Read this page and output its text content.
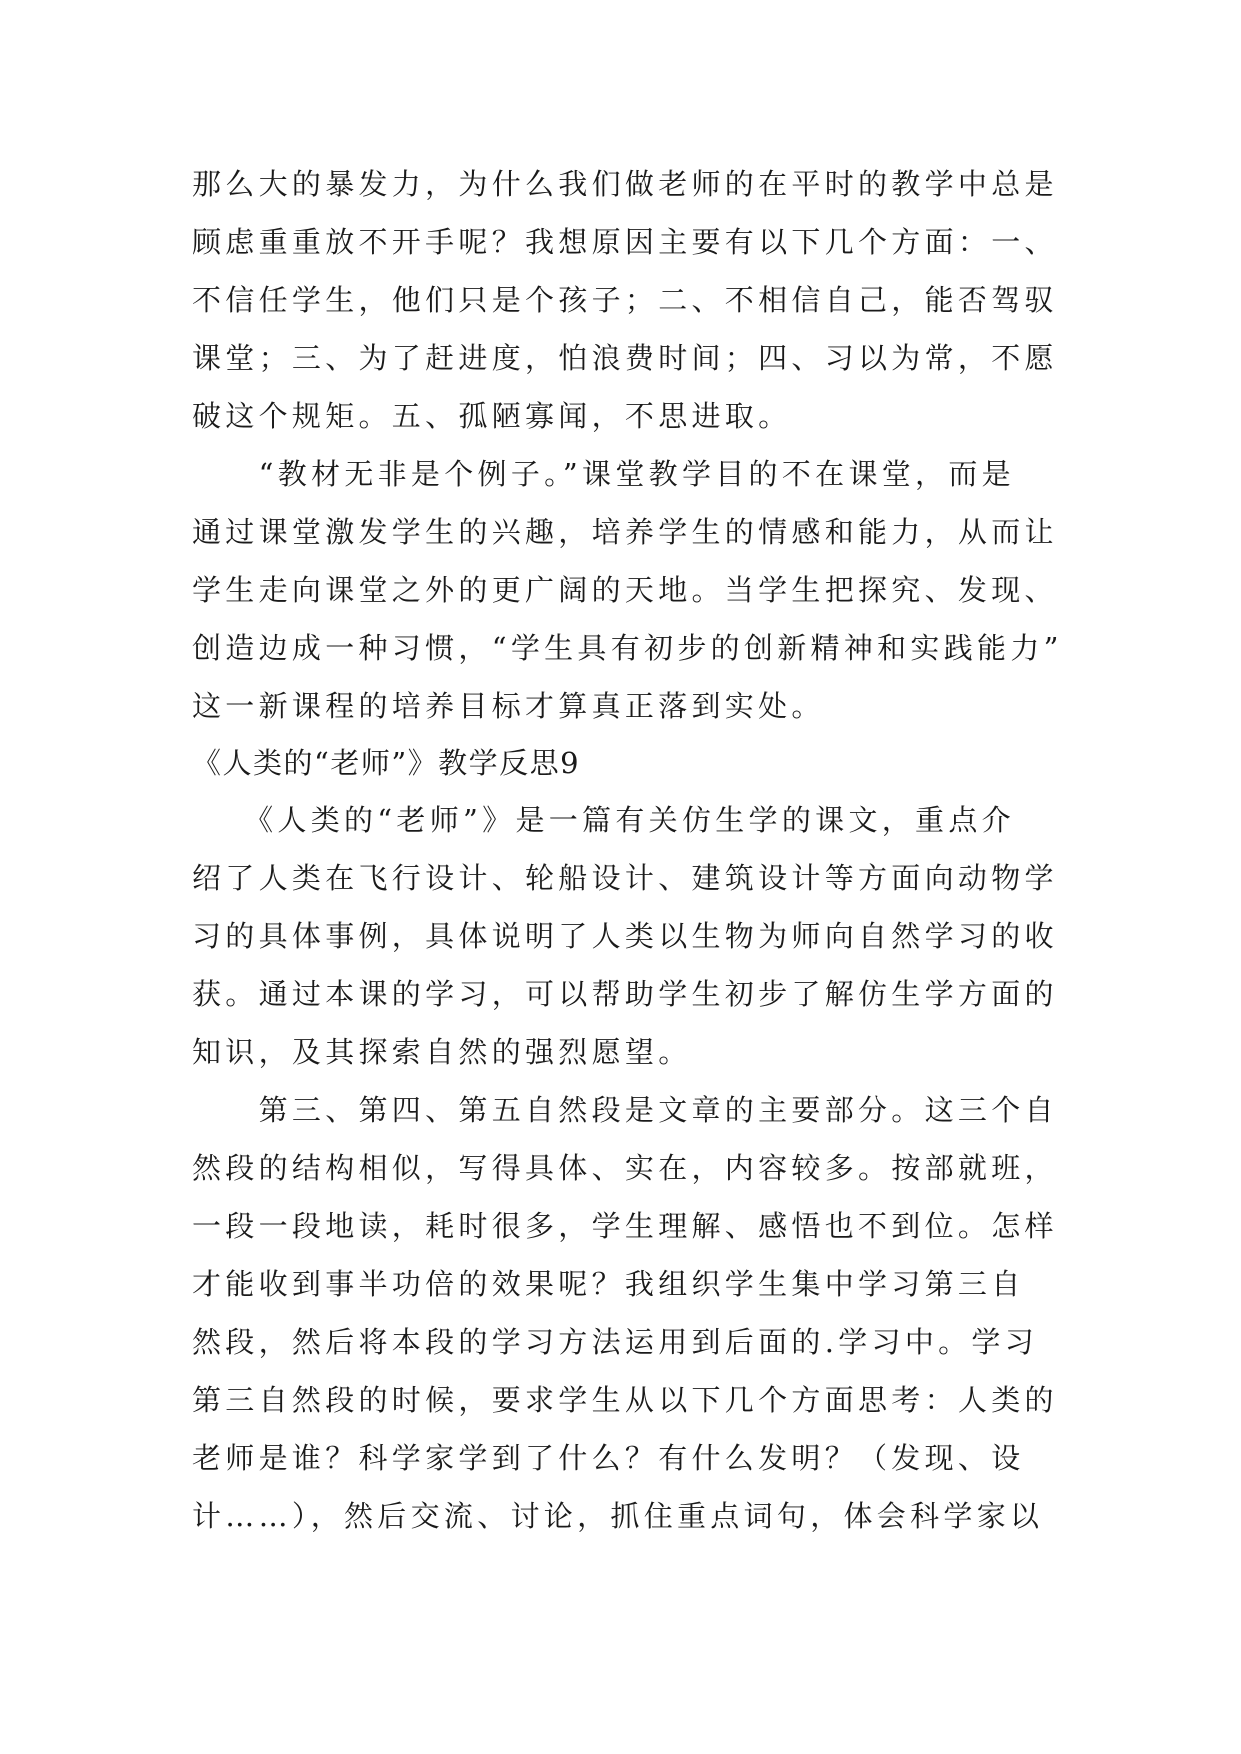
那么大的暴发力，为什么我们做老师的在平时的教学中总是
顾虑重重放不开手呢？我想原因主要有以下几个方面：一、
不信任学生，他们只是个孩子；二、不相信自己，能否驾驭
课堂；三、为了赶进度，怕浪费时间；四、习以为常，不愿
破这个规矩。五、孤陋寡闻，不思进取。
　　“教材无非是个例子。”课堂教学目的不在课堂，而是
通过课堂激发学生的兴趣，培养学生的情感和能力，从而让
学生走向课堂之外的更广阔的天地。当学生把探究、发现、
创造边成一种习惯，“学生具有初步的创新精神和实践能力”
这一新课程的培养目标才算真正落到实处。
《人类的“老师”》教学反思9
　　《人类的“老师”》是一篇有关仿生学的课文，重点介
绍了人类在飞行设计、轮船设计、建筑设计等方面向动物学
习的具体事例，具体说明了人类以生物为师向自然学习的收
获。通过本课的学习，可以帮助学生初步了解仿生学方面的
知识，及其探索自然的强烈愿望。
　　第三、第四、第五自然段是文章的主要部分。这三个自
然段的结构相似，写得具体、实在，内容较多。按部就班，
一段一段地读，耗时很多，学生理解、感悟也不到位。怎样
才能收到事半功倍的效果呢？我组织学生集中学习第三自
然段，然后将本段的学习方法运用到后面的.学习中。学习
第三自然段的时候，要求学生从以下几个方面思考：人类的
老师是谁？科学家学到了什么？有什么发明？（发现、设
计……），然后交流、讨论，抓住重点词句，体会科学家以
